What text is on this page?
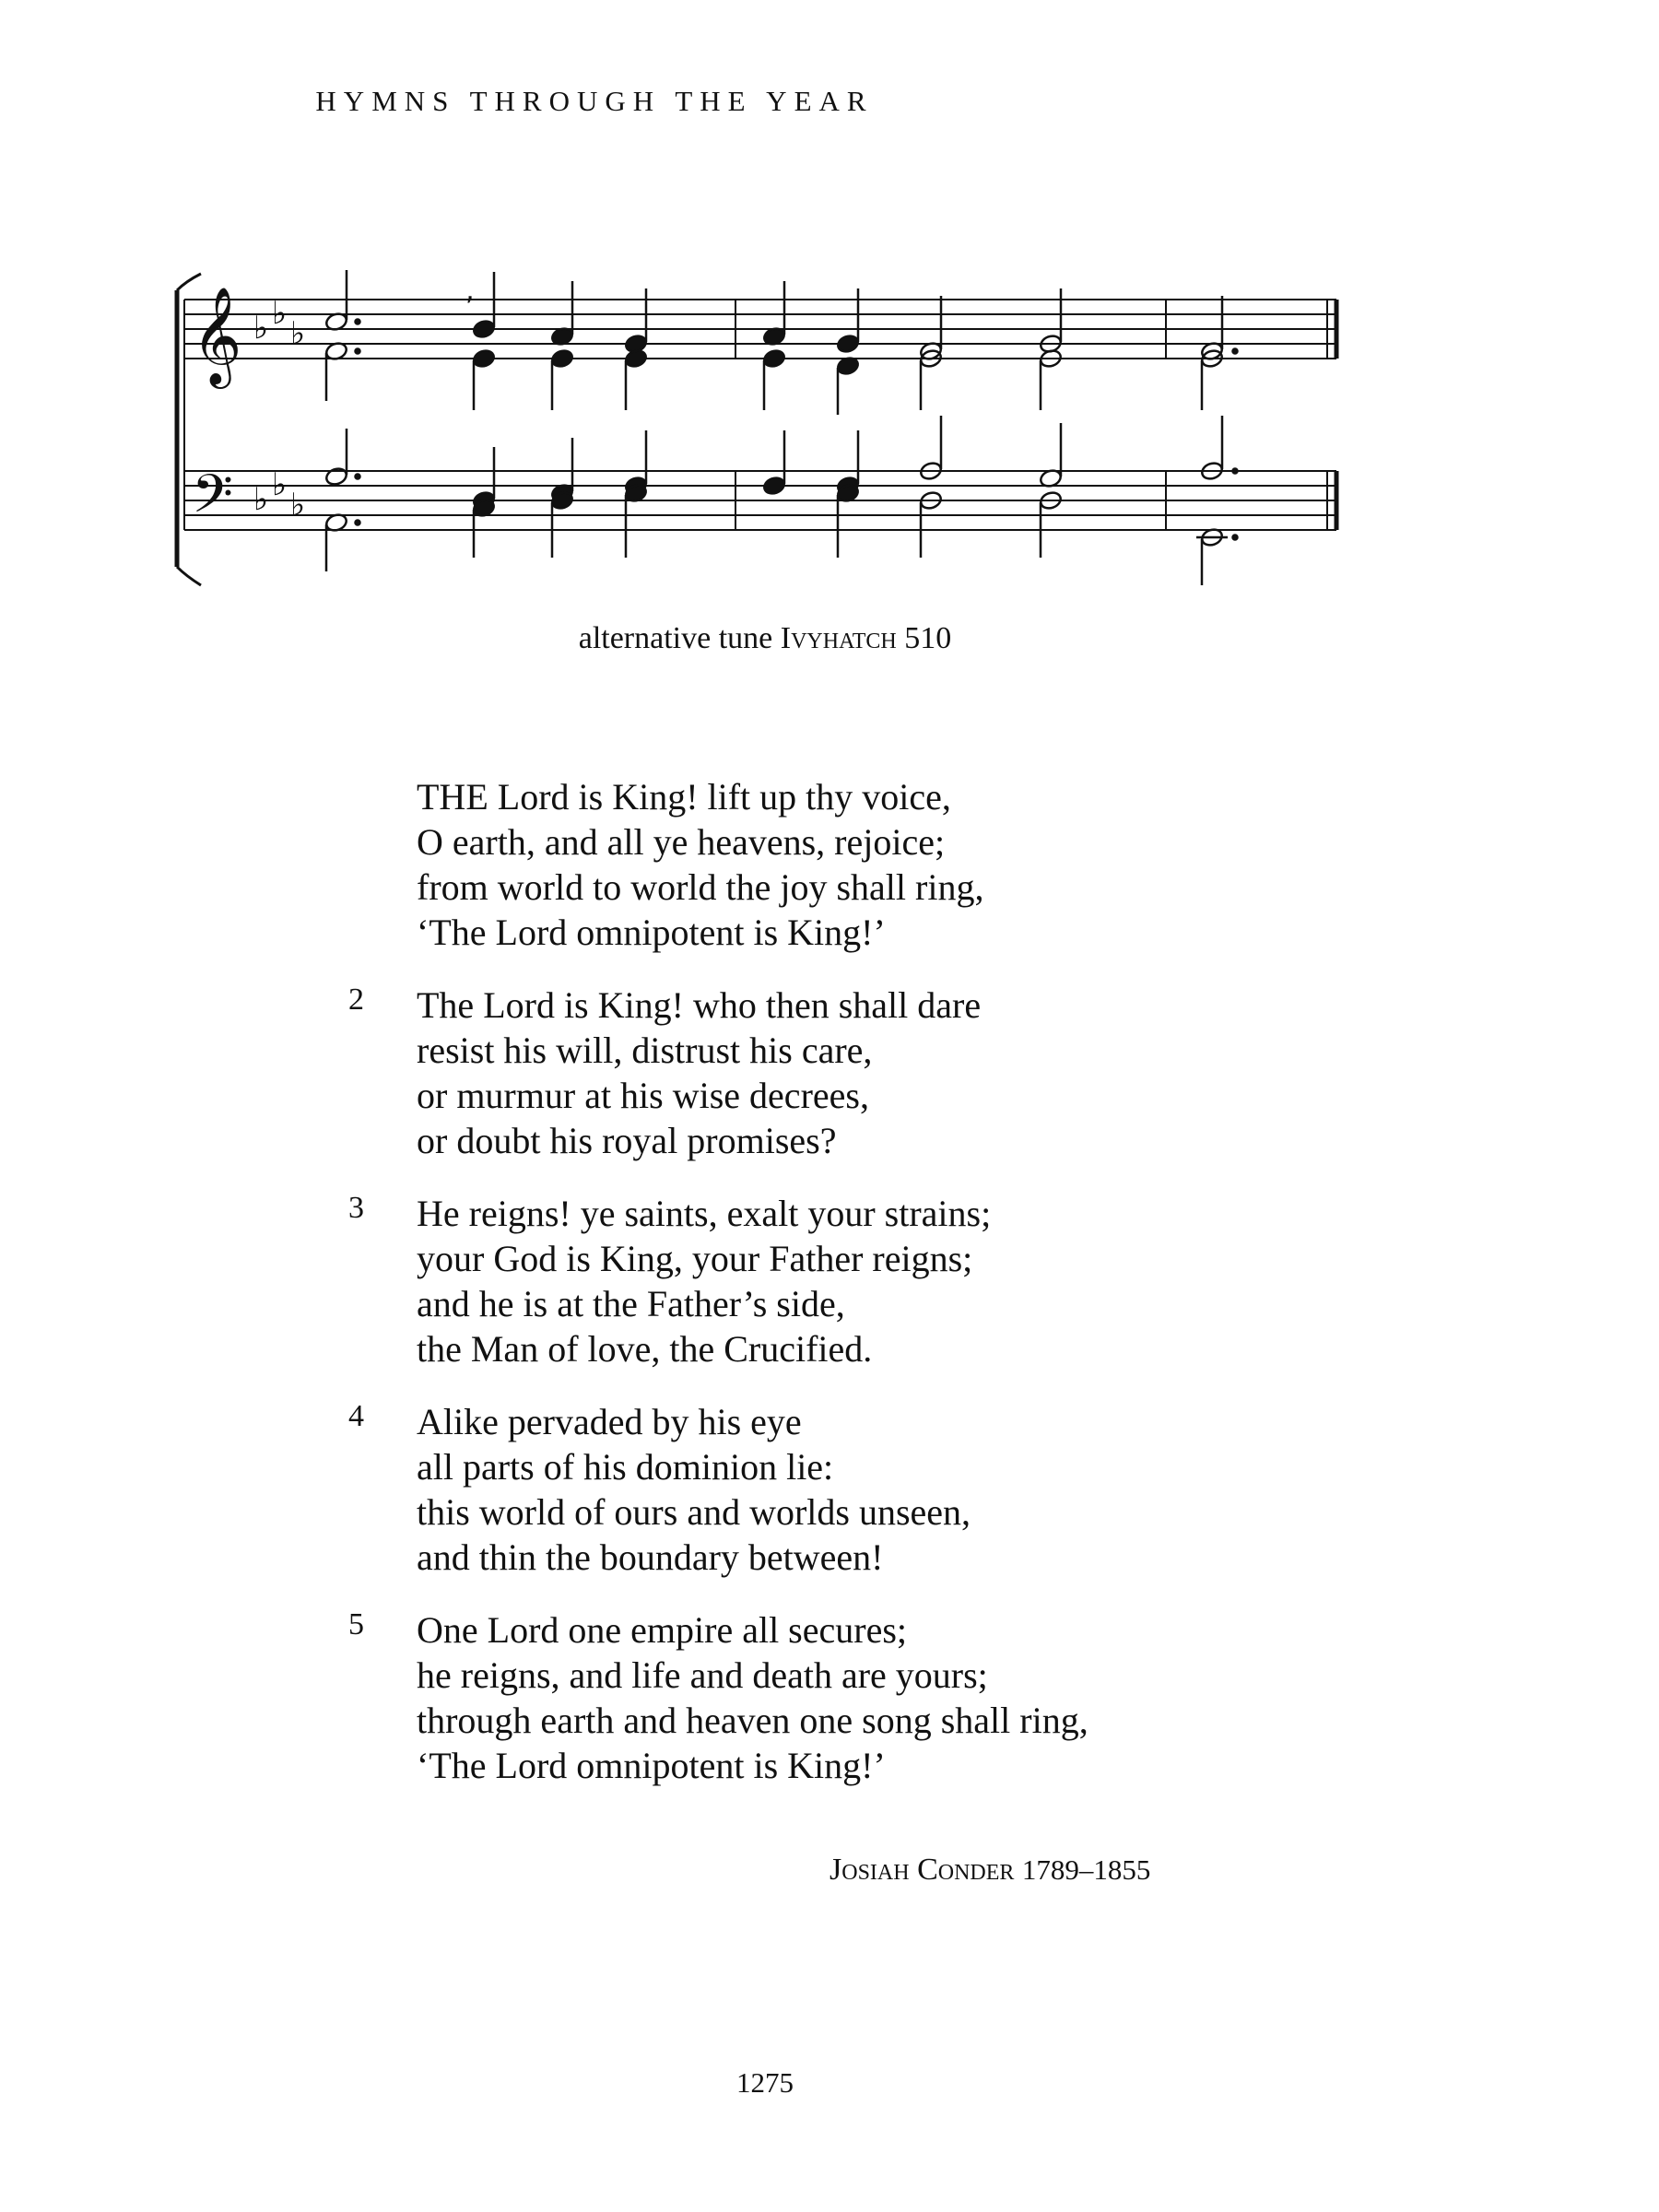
HYMNS THROUGH THE YEAR
𝄞
𝄢
♭ ♭
♭
♭ ♭
♭
,
alternative tune Ivyhatch 510
THE Lord is King! lift up thy voice,
O earth, and all ye heavens, rejoice;
from world to world the joy shall ring,
‘The Lord omnipotent is King!’
2 The Lord is King! who then shall dare
resist his will, distrust his care,
or murmur at his wise decrees,
or doubt his royal promises?
3 He reigns! ye saints, exalt your strains;
your God is King, your Father reigns;
and he is at the Father’s side,
the Man of love, the Crucified.
4 Alike pervaded by his eye
all parts of his dominion lie:
this world of ours and worlds unseen,
and thin the boundary between!
5 One Lord one empire all secures;
he reigns, and life and death are yours;
through earth and heaven one song shall ring,
‘The Lord omnipotent is King!’
Josiah Conder 1789–1855
1275
